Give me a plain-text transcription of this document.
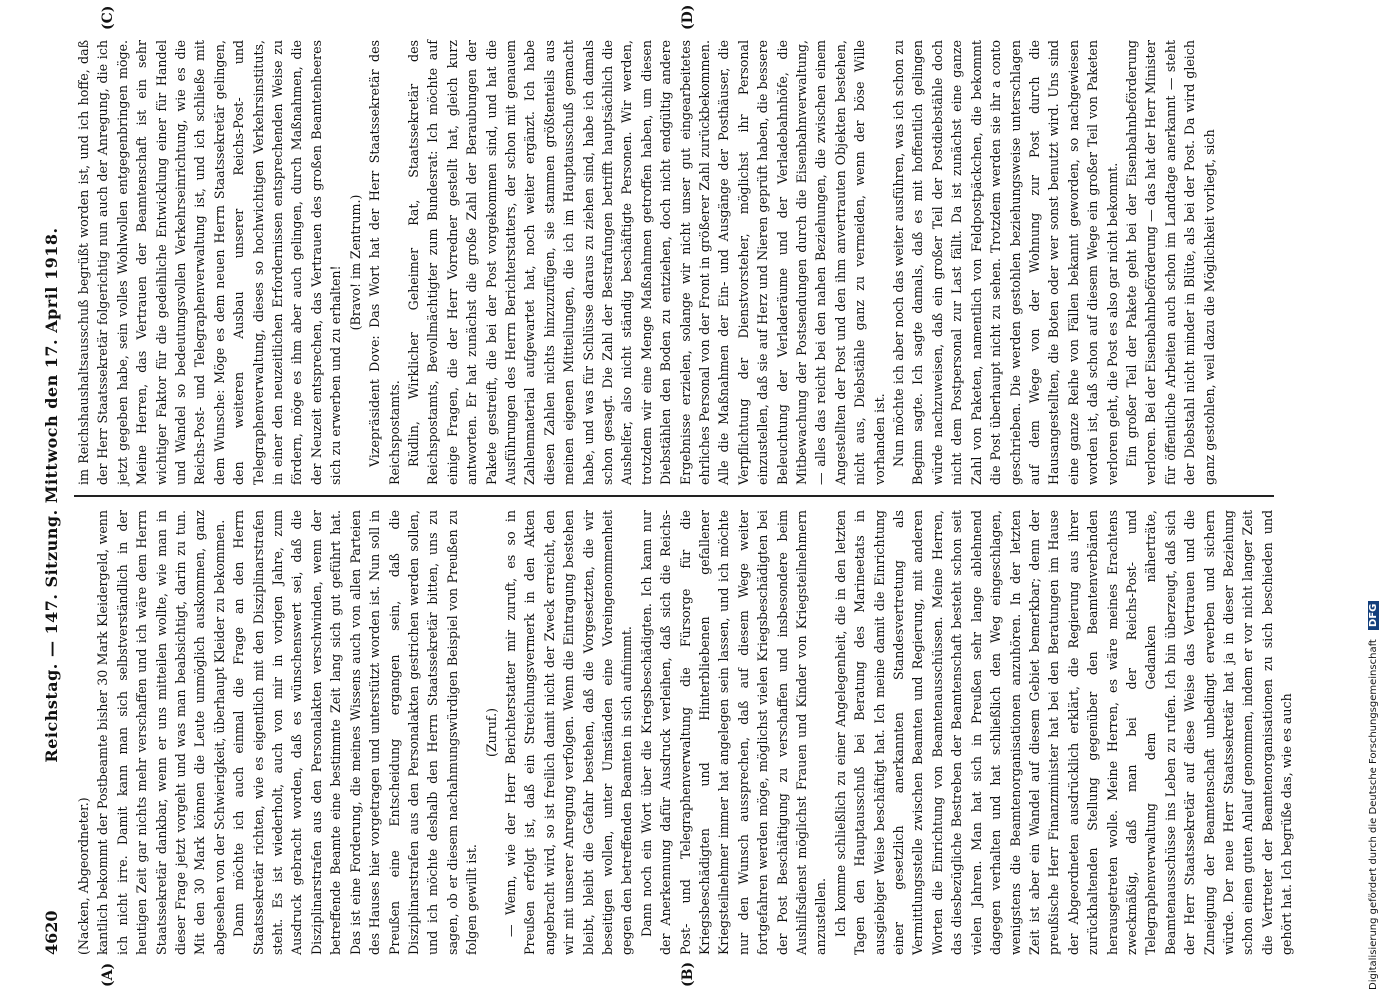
4620
Reichstag. — 147. Sitzung. Mittwoch den 17. April 1918.

(Nacken, Abgeordneter.) kantlich bekommt der Postbeamte bisher 30 Mark Kleidergeld, wenn ich nicht irre. Damit kann man sich selbstverständlich in der heutigen Zeit gar nichts mehr verschaffen und ich wäre dem Herrn Staatssekretär dankbar, wenn er uns mitteilen wollte, wie man in dieser Frage jetzt vorgeht und was man beabsichtigt, darin zu tun. Mit den 30 Mark können die Leute unmöglich auskommen, ganz abgesehen von der Schwierigkeit, überhaupt Kleider zu bekommen. Dann möchte ich auch einmal die Frage an den Herrn Staatssekretär richten, wie es eigentlich mit den Disziplinarstrafen steht. Es ist wiederholt, auch von mir in vorigen Jahre, zum Ausdruck gebracht worden, daß es wünschenswert sei, daß die Disziplinarstrafen aus den Personalakten verschwinden, wenn der betreffende Beamte eine bestimmte Zeit lang sich gut geführt hat. Das ist eine Forderung, die meines Wissens auch von allen Parteien des Hauses hier vorgetragen und unterstützt worden ist. Nun soll in Preußen eine Entscheidung ergangen sein, daß die Disziplinarstrafen aus den Personalakten gestrichen werden sollen, und ich möchte deshalb den Herrn Staatssekretär bitten, uns zu sagen, ob er diesem nachahmungswürdigen Beispiel von Preußen zu folgen gewillt ist.

(Zuruf.) — Wenn, wie der Herr Berichterstatter mir zuruft, es so in Preußen erfolgt ist, daß ein Streichungsvermerk in den Akten angebracht wird, so ist freilich damit nicht der Zweck erreicht, den wir mit unserer Anregung verfolgen. Wenn die Eintragung bestehen bleibt, bleibt die Gefahr bestehen, daß die Vorgesetzten, die wir beseitigen wollen, unter Umständen eine Voreingenommenheit gegen den betreffenden Beamten in sich aufnimmt. Dann noch ein Wort über die Kriegsbeschädigten. Ich kann nur der Anerkennung dafür Ausdruck verleihen, daß sich die Reichs-Post- und Telegraphenverwaltung die Fürsorge für die Kriegsbeschädigten und Hinterbliebenen gefallener Kriegsteilnehmer immer hat angelegen sein lassen, und ich möchte nur den Wunsch aussprechen, daß auf diesem Wege weiter fortgefahren werden möge, möglichst vielen Kriegsbeschädigten bei der Post Beschäftigung zu verschaffen und insbesondere beim Aushilfsdienst möglichst Frauen und Kinder von Kriegsteilnehmern anzustellen. Ich komme schließlich zu einer Angelegenheit, die in den letzten Tagen den Hauptausschuß bei Beratung des Marineetats in ausgiebiger Weise beschäftigt hat. Ich meine damit die Einrichtung einer gesetzlich anerkannten Standesvertretung als Vermittlungsstelle zwischen Beamten und Regierung, mit anderen Worten die Einrichtung von Beamtenausschüssen. Meine Herren, das diesbezügliche Bestreben der Beamtenschaft besteht schon seit vielen Jahren. Man hat sich in Preußen sehr lange ablehnend dagegen verhalten und hat schließlich den Weg eingeschlagen, wenigstens die Beamtenorganisationen anzuhören. In der letzten Zeit ist aber ein Wandel auf diesem Gebiet bemerkbar; denn der preußische Herr Finanzminister hat bei den Beratungen im Hause der Abgeordneten ausdrücklich erklärt, die Regierung aus ihrer zurückhaltenden Stellung gegenüber den Beamtenverbänden herausgetreten wolle. Meine Herren, es wäre meines Erachtens zweckmäßig, daß man bei der Reichs-Post- und Telegraphenverwaltung dem Gedanken näherträte, Beamtenausschüsse ins Leben zu rufen. Ich bin überzeugt, daß sich der Herr Staatssekretär auf diese Weise das Vertrauen und die Zuneigung der Beamtenschaft unbedingt erwerben und sichern würde. Der neue Herr Staatssekretär hat ja in dieser Beziehung schon einen guten Anlauf genommen, indem er vor nicht langer Zeit die Vertreter der Beamtenorganisationen zu sich beschieden und gehört hat. Ich begrüße das, wie es auch

im Reichshaushaltsausschuß begrüßt worden ist, und ich hoffe, daß der Herr Staatssekretär folgerichtig nun auch der Anregung, die ich jetzt gegeben habe, sein volles Wohlwollen entgegenbringen möge. Meine Herren, das Vertrauen der Beamtenschaft ist ein sehr wichtiger Faktor für die gedeihliche Entwicklung einer für Handel und Wandel so bedeutungsvollen Verkehrseinrichtung, wie es die Reichs-Post- und Telegraphenverwaltung ist, und ich schließe mit dem Wunsche: Möge es dem neuen Herrn Staatssekretär gelingen, den weiteren Ausbau unserer Reichs-Post- und Telegraphenverwaltung, dieses so hochwichtigen Verkehrsinstituts, in einer den neuzeitlichen Erfordernissen entsprechenden Weise zu fördern, möge es ihm aber auch gelingen, durch Maßnahmen, die der Neuzeit entsprechen, das Vertrauen des großen Beamtenheeres sich zu erwerben und zu erhalten!

(Bravo! im Zentrum.) Vizepräsident Dove: Das Wort hat der Herr Staatssekretär des Reichspostamts. Rüdlin, Wirklicher Geheimer Rat, Staatssekretär des Reichspostamts, Bevollmächtigter zum Bundesrat: Ich möchte auf einige Fragen, die der Herr Vorredner gestellt hat, gleich kurz antworten. Er hat zunächst die große Zahl der Beraubungen der Pakete gestreift, die bei der Post vorgekommen sind, und hat die Ausführungen des Herrn Berichterstatters, der schon mit genauem Zahlenmaterial aufgewartet hat, noch weiter ergänzt. Ich habe diesen Zahlen nichts hinzuzufügen, sie stammen größtenteils aus meinen eigenen Mitteilungen, die ich im Hauptausschuß gemacht habe, und was für Schlüsse daraus zu ziehen sind, habe ich damals schon gesagt. Die Zahl der Bestrafungen betrifft hauptsächlich die Aushelfer, also nicht ständig beschäftigte Personen. Wir werden, trotzdem wir eine Menge Maßnahmen getroffen haben, um diesen Diebstählen den Boden zu entziehen, doch nicht endgültig andere Ergebnisse erzielen, solange wir nicht unser gut eingearbeitetes ehrliches Personal von der Front in größerer Zahl zurückbekommen. Alle die Maßnahmen der Ein- und Ausgänge der Posthäuser, die Verpflichtung der Dienstvorsteher, möglichst ihr Personal einzustellen, daß sie auf Herz und Nieren geprüft haben, die bessere Beleuchtung der Verladeräume und der Verladebahnhöfe, die Mitbewachung der Postsendungen durch die Eisenbahnverwaltung, — alles das reicht bei den nahen Beziehungen, die zwischen einem Angestellten der Post und den ihm anvertrauten Objekten bestehen, nicht aus, Diebstähle ganz zu vermeiden, wenn der böse Wille vorhanden ist. Nun möchte ich aber noch das weiter ausführen, was ich schon zu Beginn sagte. Ich sagte damals, daß es mit hoffentlich gelingen würde nachzuweisen, daß ein großer Teil der Postdiebstähle doch nicht dem Postpersonal zur Last fällt. Da ist zunächst eine ganze Zahl von Paketen, namentlich von Feldpostpäckchen, die bekommt die Post überhaupt nicht zu sehen. Trotzdem werden sie ihr a conto geschrieben. Die werden gestohlen beziehungsweise unterschlagen auf dem Wege von der Wohnung zur Post durch die Hausangestellten, die Boten oder wer sonst benutzt wird. Uns sind eine ganze Reihe von Fällen bekannt geworden, so nachgewiesen worden ist, daß schon auf diesem Wege ein großer Teil von Paketen verloren geht, die Post es also gar nicht bekommt. Ein großer Teil der Pakete geht bei der Eisenbahnbeförderung verloren. Bei der Eisenbahnbeförderung — das hat der Herr Minister für öffentliche Arbeiten auch schon im Landtage anerkannt — steht der Diebstahl nicht minder in Blüte, als bei der Post. Da wird gleich ganz gestohlen, weil dazu die Möglichkeit vorliegt, sich

(A)	(B)
(C)	(D)
Digitalisierung gefördert durch die Deutsche Forschungsgemeinschaft DFG
